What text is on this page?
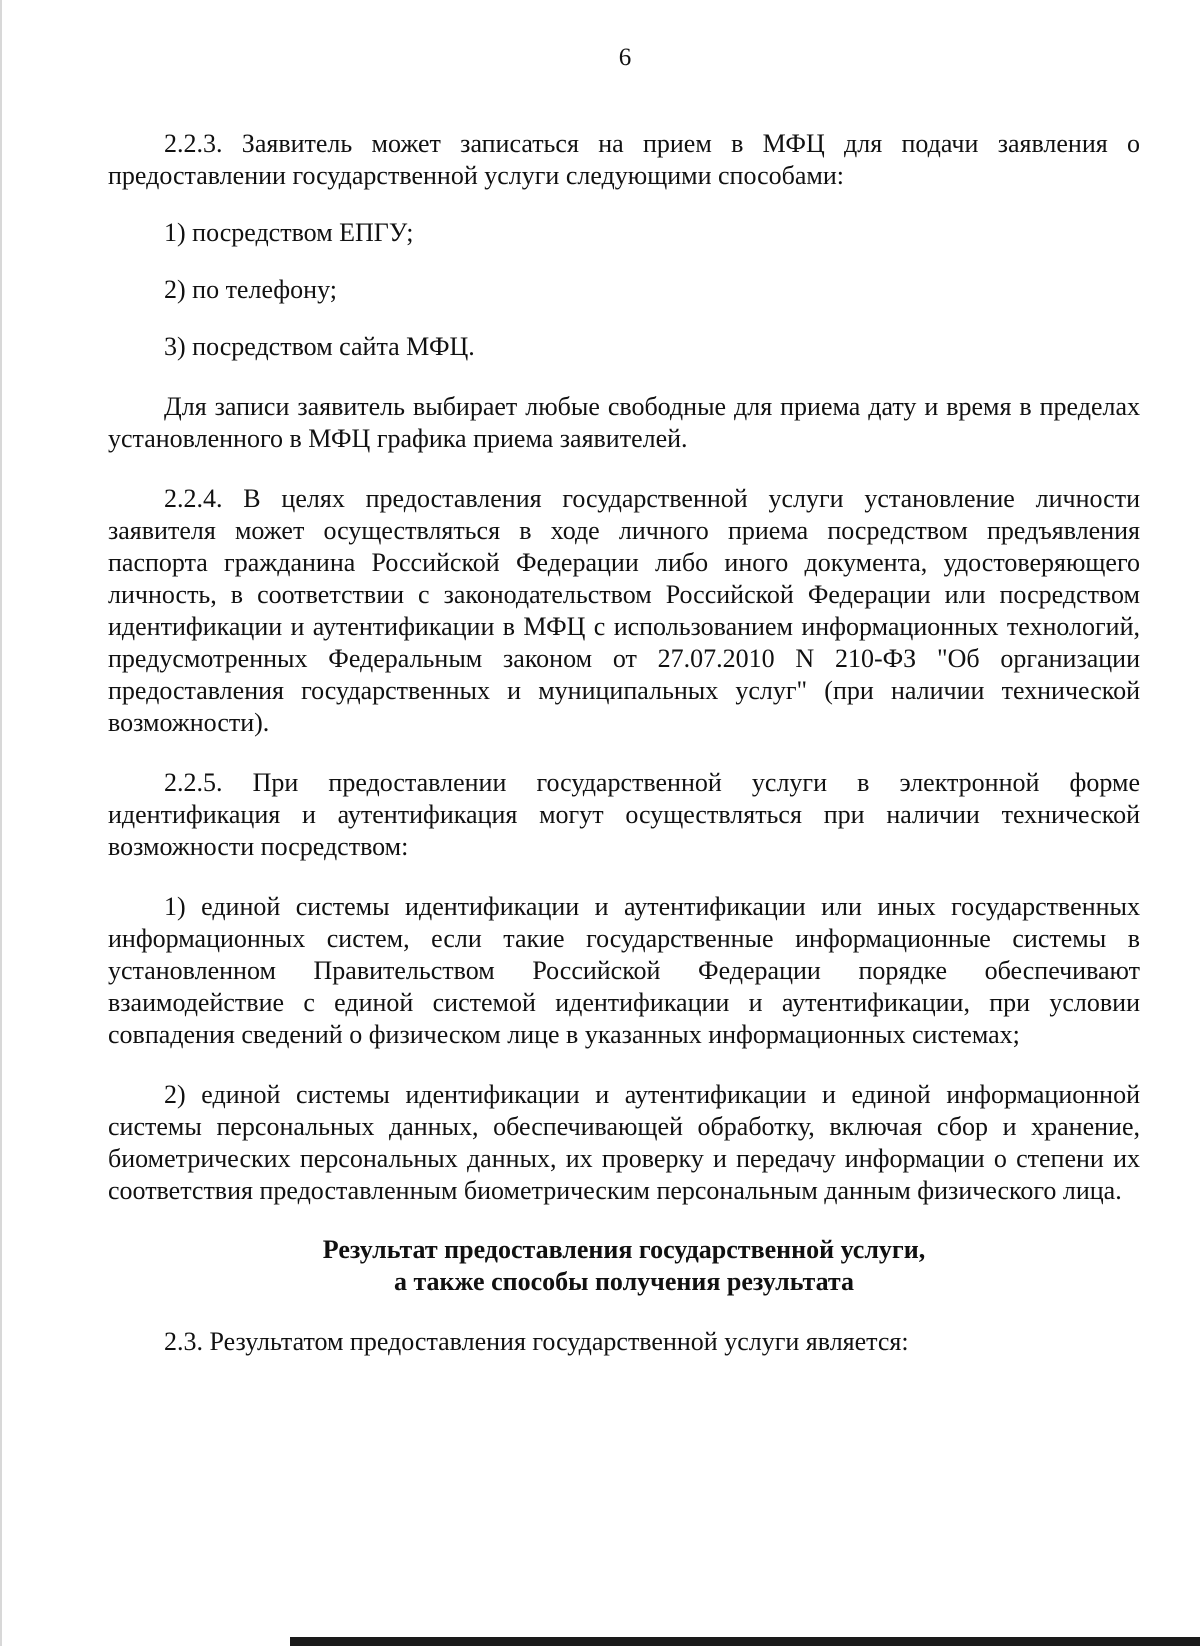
6

2.2.3. Заявитель может записаться на прием в МФЦ для подачи заявления о предоставлении государственной услуги следующими способами:

1) посредством ЕПГУ;

2) по телефону;

3) посредством сайта МФЦ.

Для записи заявитель выбирает любые свободные для приема дату и время в пределах установленного в МФЦ графика приема заявителей.

2.2.4. В целях предоставления государственной услуги установление личности заявителя может осуществляться в ходе личного приема посредством предъявления паспорта гражданина Российской Федерации либо иного документа, удостоверяющего личность, в соответствии с законодательством Российской Федерации или посредством идентификации и аутентификации в МФЦ с использованием информационных технологий, предусмотренных Федеральным законом от 27.07.2010 N 210-ФЗ "Об организации предоставления государственных и муниципальных услуг" (при наличии технической возможности).

2.2.5. При предоставлении государственной услуги в электронной форме идентификация и аутентификация могут осуществляться при наличии технической возможности посредством:

1) единой системы идентификации и аутентификации или иных государственных информационных систем, если такие государственные информационные системы в установленном Правительством Российской Федерации порядке обеспечивают взаимодействие с единой системой идентификации и аутентификации, при условии совпадения сведений о физическом лице в указанных информационных системах;

2) единой системы идентификации и аутентификации и единой информационной системы персональных данных, обеспечивающей обработку, включая сбор и хранение, биометрических персональных данных, их проверку и передачу информации о степени их соответствия предоставленным биометрическим персональным данным физического лица.

Результат предоставления государственной услуги,
а также способы получения результата

2.3. Результатом предоставления государственной услуги является:
